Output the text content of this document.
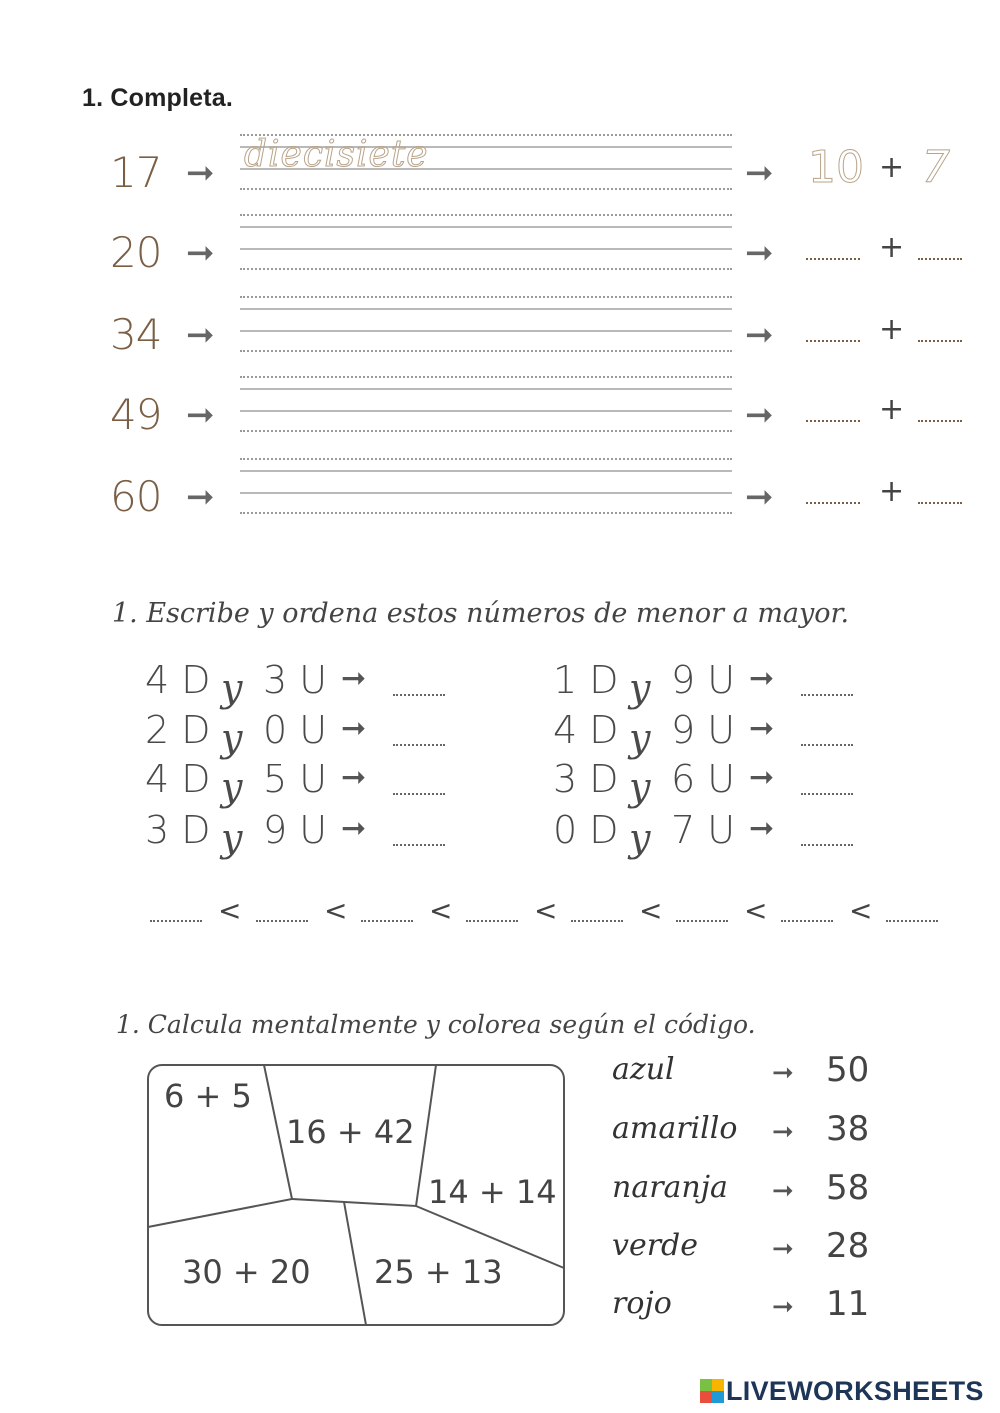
1. Completa.
17 ➞ diecisiete	➞ 10 + 7
20 ➞	➞	+
34 ➞	➞	+
49 ➞	➞	+
60 ➞	➞	+
1. Escribe y ordena estos números de menor a mayor.
4 D y 3 U ➞
2 D y 0 U ➞
4 D y 5 U ➞
3 D y 9 U ➞
1 D y 9 U ➞
4 D y 9 U ➞
3 D y 6 U ➞
0 D y 7 U ➞
<	<	<	<	<	<	<
1. Calcula mentalmente y colorea según el código.
6 + 5
16 + 42
14 + 14
30 + 20 25 + 13
azul	➞ 50
amarillo ➞ 38
naranja ➞ 58
verde	➞ 28
rojo	➞ 11
LIVEWORKSHEETS
